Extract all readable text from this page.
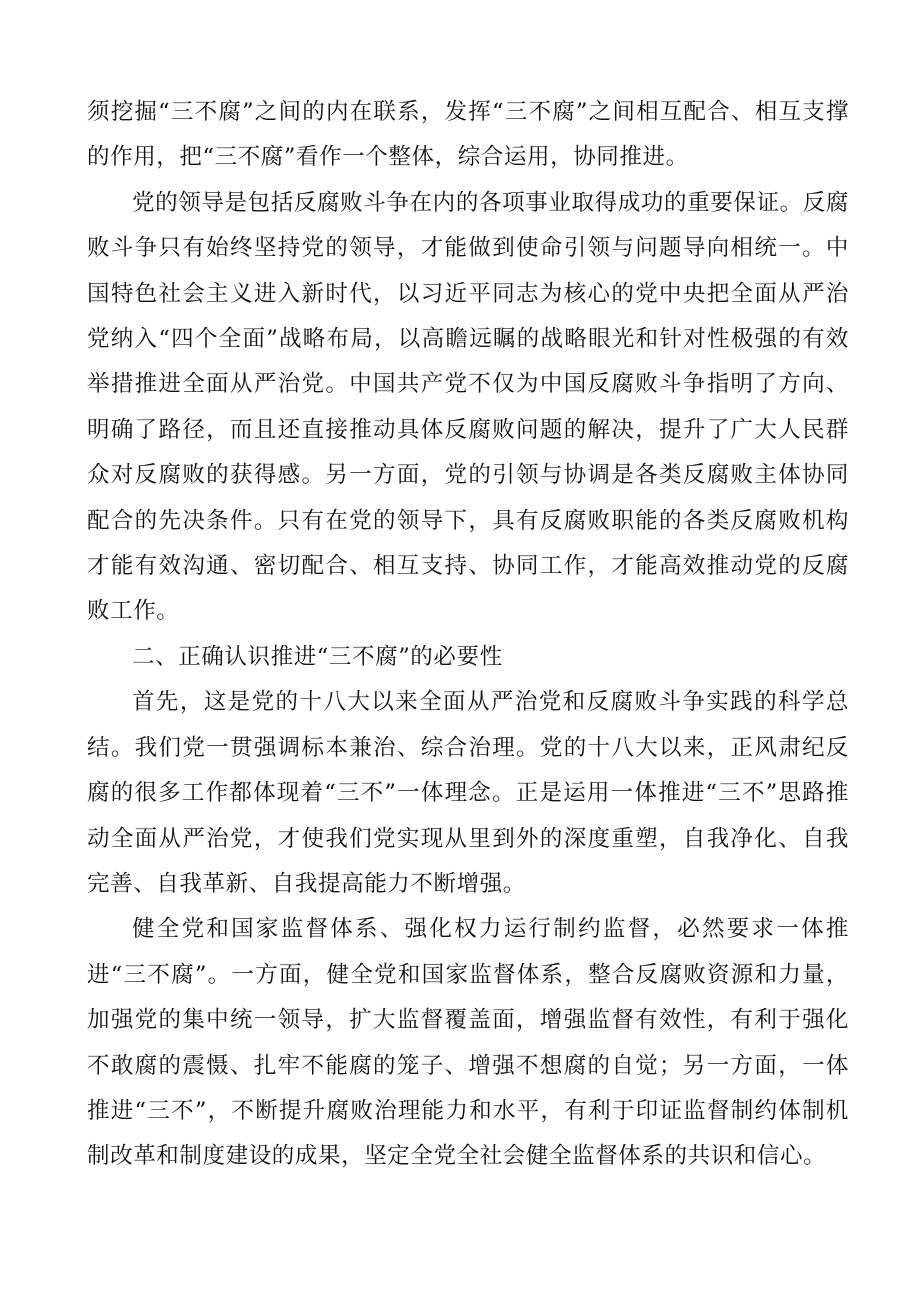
须挖掘“三不腐”之间的内在联系，发挥“三不腐”之间相互配合、相互支撑的作用，把“三不腐”看作一个整体，综合运用，协同推进。

党的领导是包括反腐败斗争在内的各项事业取得成功的重要保证。反腐败斗争只有始终坚持党的领导，才能做到使命引领与问题导向相统一。中国特色社会主义进入新时代，以习近平同志为核心的党中央把全面从严治党纳入“四个全面”战略布局，以高瞻远瞩的战略眼光和针对性极强的有效举措推进全面从严治党。中国共产党不仅为中国反腐败斗争指明了方向、明确了路径，而且还直接推动具体反腐败问题的解决，提升了广大人民群众对反腐败的获得感。另一方面，党的引领与协调是各类反腐败主体协同配合的先决条件。只有在党的领导下，具有反腐败职能的各类反腐败机构才能有效沟通、密切配合、相互支持、协同工作，才能高效推动党的反腐败工作。

二、正确认识推进“三不腐”的必要性

首先，这是党的十八大以来全面从严治党和反腐败斗争实践的科学总结。我们党一贯强调标本兼治、综合治理。党的十八大以来，正风肃纪反腐的很多工作都体现着“三不”一体理念。正是运用一体推进“三不”思路推动全面从严治党，才使我们党实现从里到外的深度重塑，自我净化、自我完善、自我革新、自我提高能力不断增强。

健全党和国家监督体系、强化权力运行制约监督，必然要求一体推进“三不腐”。一方面，健全党和国家监督体系，整合反腐败资源和力量，加强党的集中统一领导，扩大监督覆盖面，增强监督有效性，有利于强化不敢腐的震慑、扎牢不能腐的笼子、增强不想腐的自觉；另一方面，一体推进“三不”，不断提升腐败治理能力和水平，有利于印证监督制约体制机制改革和制度建设的成果，坚定全党全社会健全监督体系的共识和信心。
